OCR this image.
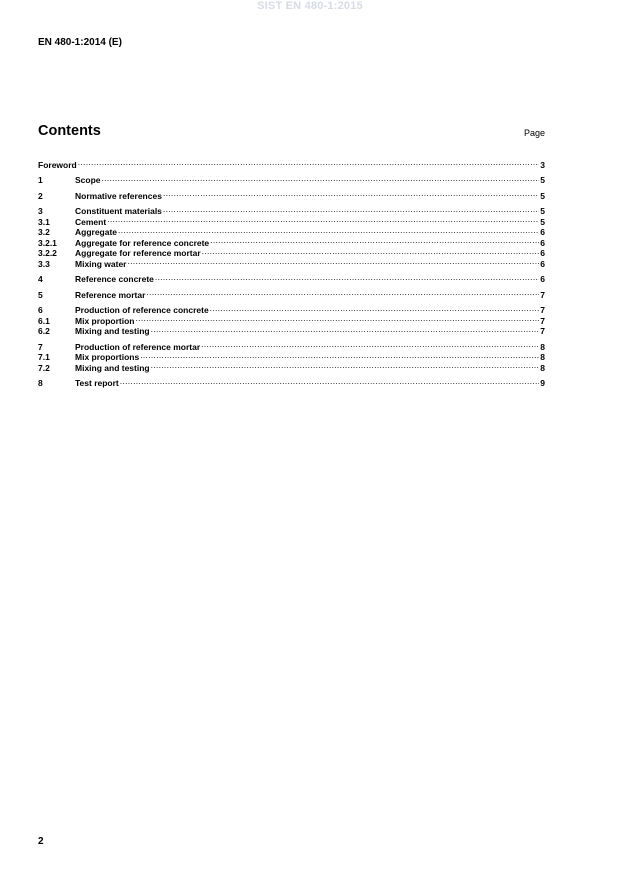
SIST EN 480-1:2015
EN 480-1:2014 (E)
Contents	Page
Foreword .....	3
1	Scope .....	5
2	Normative references .....	5
3	Constituent materials .....	5
3.1	Cement .....	5
3.2	Aggregate .....	6
3.2.1	Aggregate for reference concrete .....	6
3.2.2	Aggregate for reference mortar .....	6
3.3	Mixing water .....	6
4	Reference concrete .....	6
5	Reference mortar .....	7
6	Production of reference concrete .....	7
6.1	Mix proportion .....	7
6.2	Mixing and testing .....	7
7	Production of reference mortar .....	8
7.1	Mix proportions .....	8
7.2	Mixing and testing .....	8
8	Test report .....	9
2
